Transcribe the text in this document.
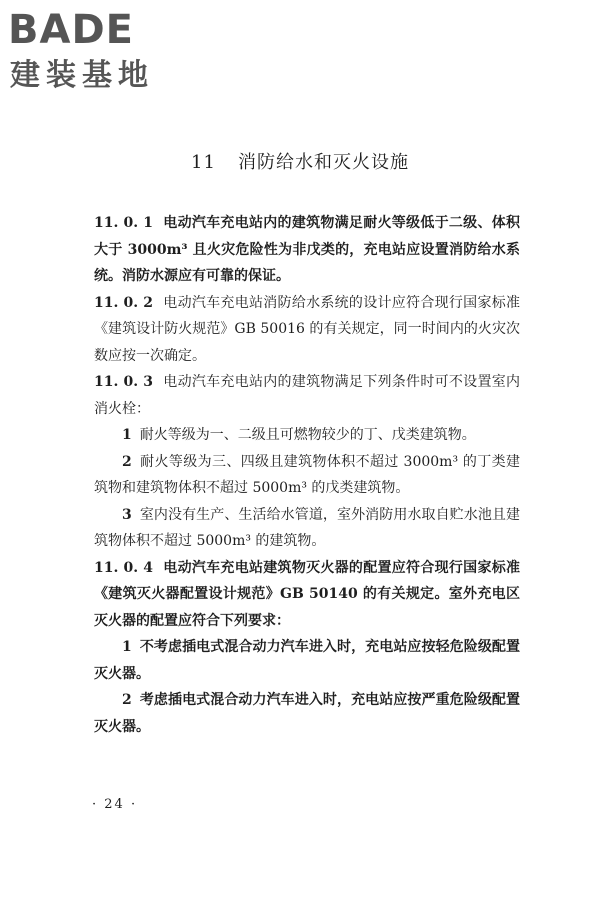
BADE
建装基地
11 消防给水和灭火设施
11. 0. 1 电动汽车充电站内的建筑物满足耐火等级低于二级、体积大于 3000m³ 且火灾危险性为非戊类的，充电站应设置消防给水系统。消防水源应有可靠的保证。
11. 0. 2 电动汽车充电站消防给水系统的设计应符合现行国家标准《建筑设计防火规范》GB 50016 的有关规定，同一时间内的火灾次数应按一次确定。
11. 0. 3 电动汽车充电站内的建筑物满足下列条件时可不设置室内消火栓：
1 耐火等级为一、二级且可燃物较少的丁、戊类建筑物。
2 耐火等级为三、四级且建筑物体积不超过 3000m³ 的丁类建筑物和建筑物体积不超过 5000m³ 的戊类建筑物。
3 室内没有生产、生活给水管道，室外消防用水取自贮水池且建筑物体积不超过 5000m³ 的建筑物。
11. 0. 4 电动汽车充电站建筑物灭火器的配置应符合现行国家标准《建筑灭火器配置设计规范》GB 50140 的有关规定。室外充电区灭火器的配置应符合下列要求：
1 不考虑插电式混合动力汽车进入时，充电站应按轻危险级配置灭火器。
2 考虑插电式混合动力汽车进入时，充电站应按严重危险级配置灭火器。
· 24 ·
